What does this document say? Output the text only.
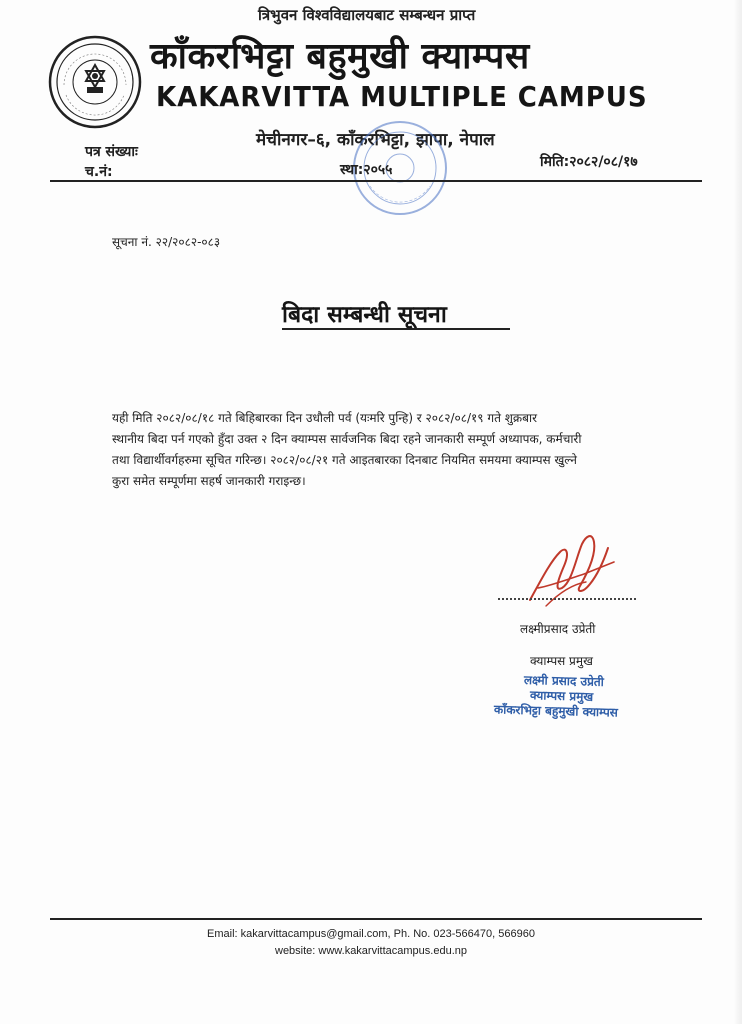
त्रिभुवन विश्वविद्यालयबाट सम्बन्धन प्राप्त
काँकरभिट्टा बहुमुखी क्याम्पस
KAKARVITTA MULTIPLE CAMPUS
मेचीनगर–६, काँकरभिट्टा, झापा, नेपाल
पत्र संख्याः
च.नं:	स्था:२०५५	मिति:२०८२/०८/१७
सूचना नं. २२/२०८२-०८३
बिदा सम्बन्धी सूचना
यही मिति २०८२/०८/१८ गते बिहिबारका दिन उधौली पर्व (यःमरि पुन्हि) र २०८२/०८/१९ गते शुक्रबार
स्थानीय बिदा पर्न गएको हुँदा उक्त २ दिन क्याम्पस सार्वजनिक बिदा रहने जानकारी सम्पूर्ण अध्यापक, कर्मचारी
तथा विद्यार्थीवर्गहरुमा सूचित गरिन्छ। २०८२/०८/२१ गते आइतबारका दिनबाट नियमित समयमा क्याम्पस खुल्ने
कुरा समेत सम्पूर्णमा सहर्ष जानकारी गराइन्छ।
लक्ष्मीप्रसाद उप्रेती
क्याम्पस प्रमुख
लक्ष्मी प्रसाद उप्रेती
क्याम्पस प्रमुख
काँकरभिट्टा बहुमुखी क्याम्पस
Email: kakarvittacampus@gmail.com, Ph. No. 023-566470, 566960
website: www.kakarvittacampus.edu.np
